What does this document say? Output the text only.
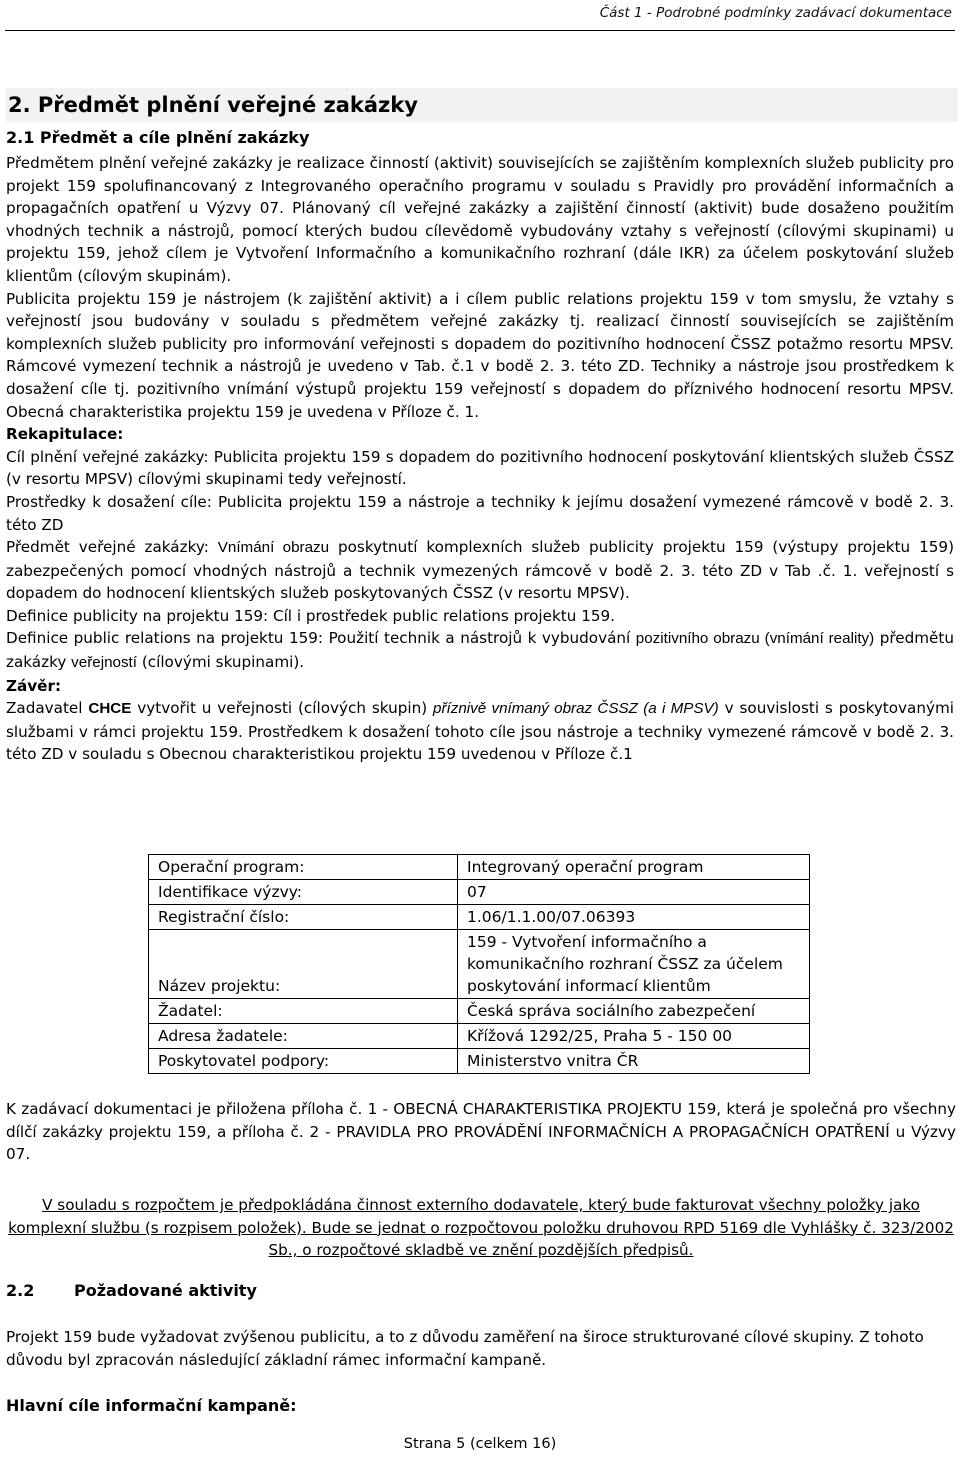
Část 1 - Podrobné podmínky zadávací dokumentace
2. Předmět plnění veřejné zakázky
2.1 Předmět a cíle plnění zakázky

Předmětem plnění veřejné zakázky je realizace činností (aktivit) souvisejících se zajištěním komplexních služeb publicity pro projekt 159 spolufinancovaný z Integrovaného operačního programu v souladu s Pravidly pro provádění informačních a propagačních opatření u Výzvy 07. Plánovaný cíl veřejné zakázky a zajištění činností (aktivit) bude dosaženo použitím vhodných technik a nástrojů, pomocí kterých budou cílevědomě vybudovány vztahy s veřejností (cílovými skupinami) u projektu 159, jehož cílem je Vytvoření Informačního a komunikačního rozhraní (dále IKR) za účelem poskytování služeb klientům (cílovým skupinám).

Publicita projektu 159 je nástrojem (k zajištění aktivit) a i cílem public relations projektu 159 v tom smyslu, že vztahy s veřejností jsou budovány v souladu s předmětem veřejné zakázky tj. realizací činností souvisejících se zajištěním komplexních služeb publicity pro informování veřejnosti s dopadem do pozitivního hodnocení ČSSZ potažmo resortu MPSV. Rámcové vymezení technik a nástrojů je uvedeno v Tab. č.1 v bodě 2. 3. této ZD. Techniky a nástroje jsou prostředkem k dosažení cíle tj. pozitivního vnímání výstupů projektu 159 veřejností s dopadem do příznivého hodnocení resortu MPSV. Obecná charakteristika projektu 159 je uvedena v Příloze č. 1.

Rekapitulace:

Cíl plnění veřejné zakázky: Publicita projektu 159 s dopadem do pozitivního hodnocení poskytování klientských služeb ČSSZ (v resortu MPSV) cílovými skupinami tedy veřejností.

Prostředky k dosažení cíle: Publicita projektu 159 a nástroje a techniky k jejímu dosažení vymezené rámcově v bodě 2. 3. této ZD

Předmět veřejné zakázky: Vnímání obrazu poskytnutí komplexních služeb publicity projektu 159 (výstupy projektu 159) zabezpečených pomocí vhodných nástrojů a technik vymezených rámcově v bodě 2. 3. této ZD v Tab .č. 1. veřejností s dopadem do hodnocení klientských služeb poskytovaných ČSSZ (v resortu MPSV).

Definice publicity na projektu 159: Cíl i prostředek public relations projektu 159.

Definice public relations na projektu 159: Použití technik a nástrojů k vybudování pozitivního obrazu (vnímání reality) předmětu zakázky veřejností (cílovými skupinami).

Závěr:

Zadavatel CHCE vytvořit u veřejnosti (cílových skupin) příznivě vnímaný obraz ČSSZ (a i MPSV) v souvislosti s poskytovanými službami v rámci projektu 159. Prostředkem k dosažení tohoto cíle jsou nástroje a techniky vymezené rámcově v bodě 2. 3. této ZD v souladu s Obecnou charakteristikou projektu 159 uvedenou v Příloze č.1

Operační program:	Integrovaný operační program
Identifikace výzvy:	07
Registrační číslo:	1.06/1.1.00/07.06393
Název projektu:	159 - Vytvoření informačního a komunikačního rozhraní ČSSZ za účelem poskytování informací klientům
Žadatel:	Česká správa sociálního zabezpečení
Adresa žadatele:	Křížová 1292/25, Praha 5 - 150 00
Poskytovatel podpory:	Ministerstvo vnitra ČR
K zadávací dokumentaci je přiložena příloha č. 1 - OBECNÁ CHARAKTERISTIKA PROJEKTU 159, která je společná pro všechny dílčí zakázky projektu 159, a příloha č. 2 - PRAVIDLA PRO PROVÁDĚNÍ INFORMAČNÍCH A PROPAGAČNÍCH OPATŘENÍ u Výzvy 07.
V souladu s rozpočtem je předpokládána činnost externího dodavatele, který bude fakturovat všechny položky jako komplexní službu (s rozpisem položek). Bude se jednat o rozpočtovou položku druhovou RPD 5169 dle Vyhlášky č. 323/2002 Sb., o rozpočtové skladbě ve znění pozdějších předpisů.
2.2 Požadované aktivity
Projekt 159 bude vyžadovat zvýšenou publicitu, a to z důvodu zaměření na široce strukturované cílové skupiny. Z tohoto důvodu byl zpracován následující základní rámec informační kampaně.
Hlavní cíle informační kampaně:
Strana 5 (celkem 16)
